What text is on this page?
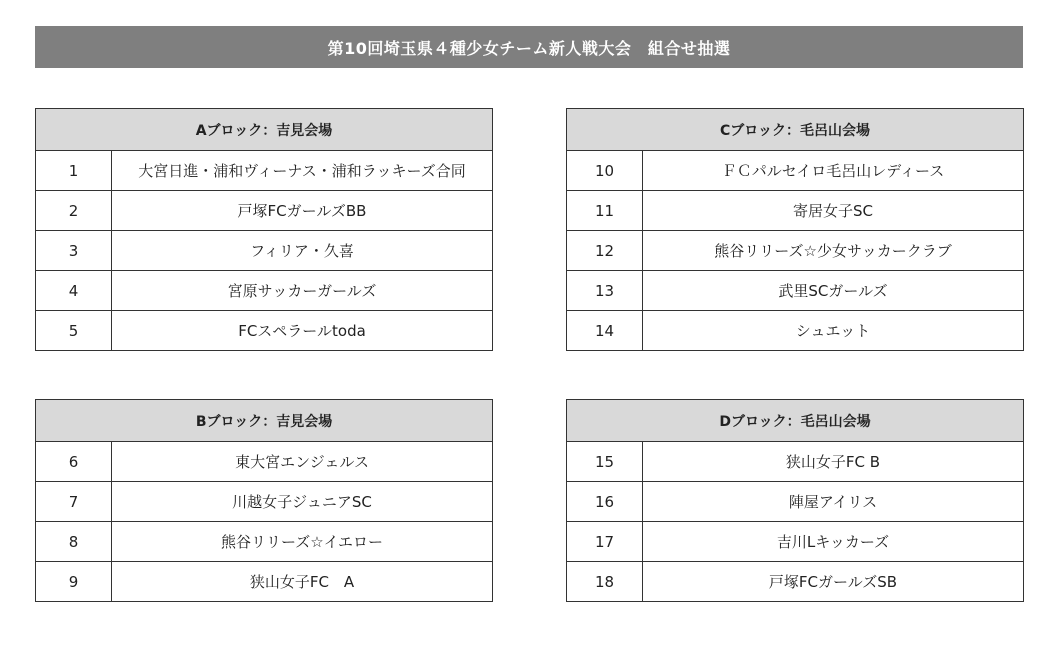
第10回埼玉県４種少女チーム新人戦大会　組合せ抽選
Aブロック：吉見会場	
1	大宮日進・浦和ヴィーナス・浦和ラッキーズ合同
2	戸塚FCガールズBB
3	フィリア・久喜
4	宮原サッカーガールズ
5	FCスペラールtoda
Cブロック：毛呂山会場	
10	ＦＣパルセイロ毛呂山レディース
11	寄居女子SC
12	熊谷リリーズ☆少女サッカークラブ
13	武里SCガールズ
14	シュエット
Bブロック：吉見会場	
6	東大宮エンジェルス
7	川越女子ジュニアSC
8	熊谷リリーズ☆イエロー
9	狭山女子FC　A
Dブロック：毛呂山会場	
15	狭山女子FC B
16	陣屋アイリス
17	吉川Lキッカーズ
18	戸塚FCガールズSB
